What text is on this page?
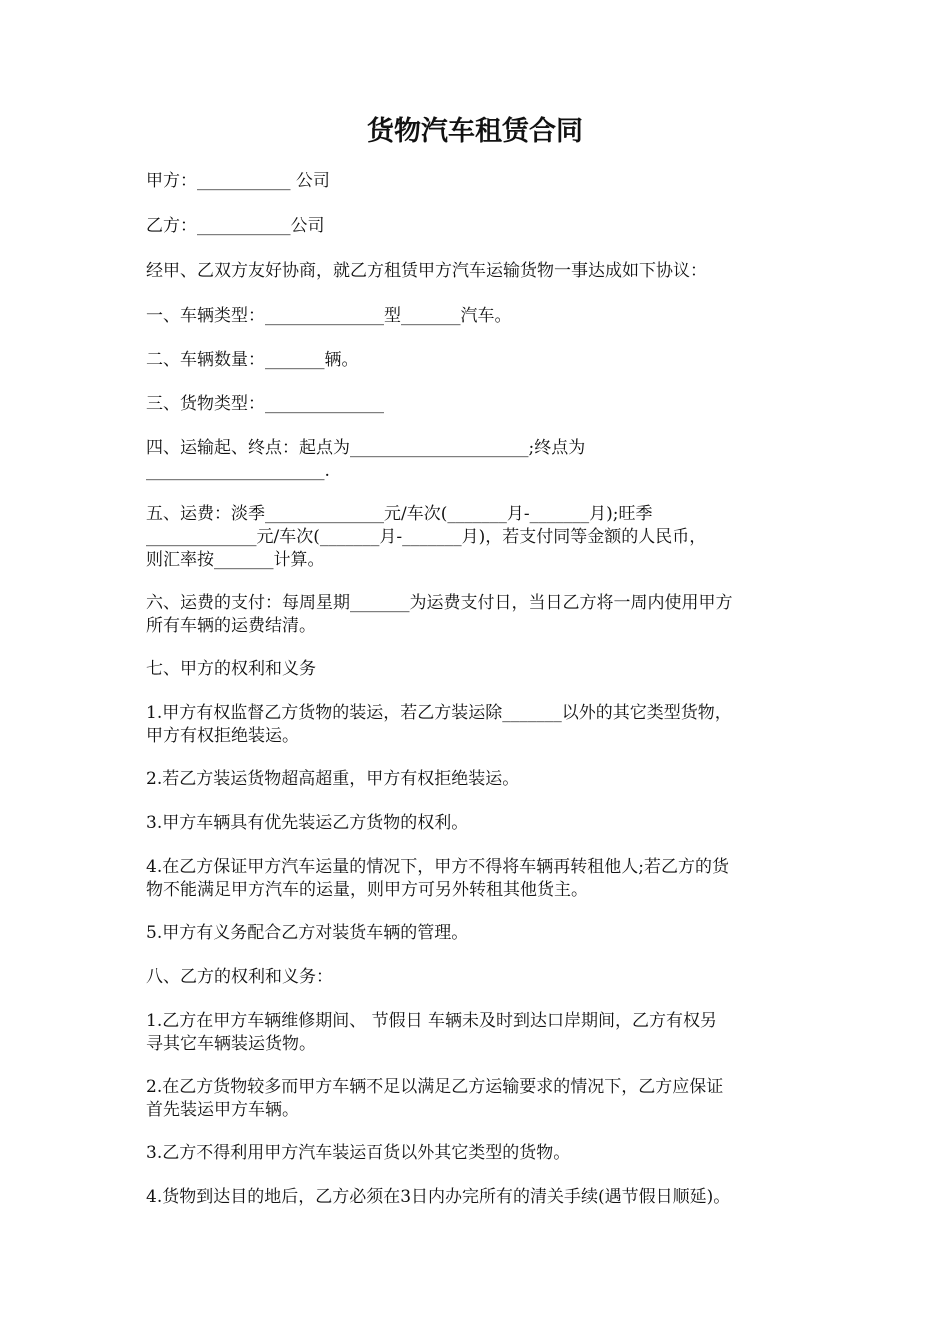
货物汽车租赁合同

甲方：___________ 公司

乙方：___________公司

经甲、乙双方友好协商，就乙方租赁甲方汽车运输货物一事达成如下协议：

一、车辆类型：______________型_______汽车。

二、车辆数量：_______辆。

三、货物类型：______________

四、运输起、终点：起点为_____________________;终点为
_____________________.

五、运费：淡季______________元/车次(_______月-_______月);旺季
_____________元/车次(_______月-_______月)，若支付同等金额的人民币，
则汇率按_______计算。

六、运费的支付：每周星期_______为运费支付日，当日乙方将一周内使用甲方
所有车辆的运费结清。

七、甲方的权利和义务

1.甲方有权监督乙方货物的装运，若乙方装运除_______以外的其它类型货物，
甲方有权拒绝装运。

2.若乙方装运货物超高超重，甲方有权拒绝装运。

3.甲方车辆具有优先装运乙方货物的权利。

4.在乙方保证甲方汽车运量的情况下，甲方不得将车辆再转租他人;若乙方的货
物不能满足甲方汽车的运量，则甲方可另外转租其他货主。

5.甲方有义务配合乙方对装货车辆的管理。

八、乙方的权利和义务：

1.乙方在甲方车辆维修期间、 节假日 车辆未及时到达口岸期间，乙方有权另
寻其它车辆装运货物。

2.在乙方货物较多而甲方车辆不足以满足乙方运输要求的情况下，乙方应保证
首先装运甲方车辆。

3.乙方不得利用甲方汽车装运百货以外其它类型的货物。

4.货物到达目的地后，乙方必须在3日内办完所有的清关手续(遇节假日顺延)。
